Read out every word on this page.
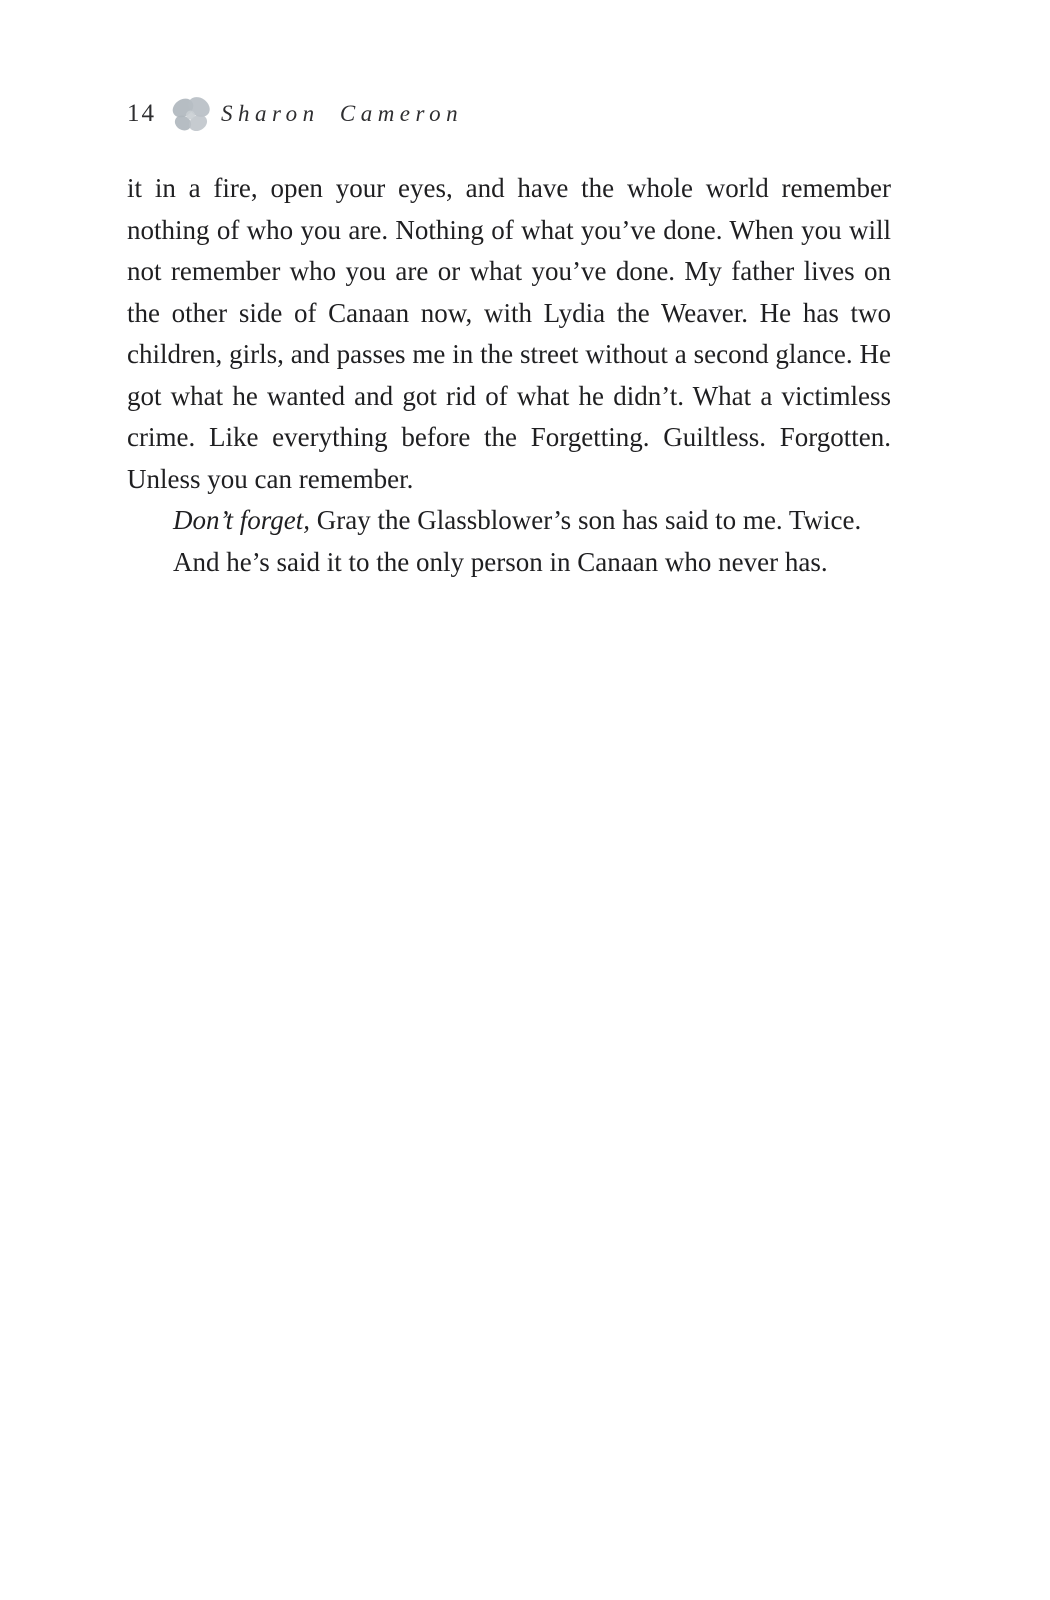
14	Sharon Cameron

it in a fire, open your eyes, and have the whole world remember nothing of who you are. Nothing of what you’ve done. When you will not remember who you are or what you’ve done. My father lives on the other side of Canaan now, with Lydia the Weaver. He has two children, girls, and passes me in the street without a second glance. He got what he wanted and got rid of what he didn’t. What a victimless crime. Like everything before the Forgetting. Guiltless. Forgotten. Unless you can remember.

Don’t forget, Gray the Glassblower’s son has said to me. Twice.

And he’s said it to the only person in Canaan who never has.
